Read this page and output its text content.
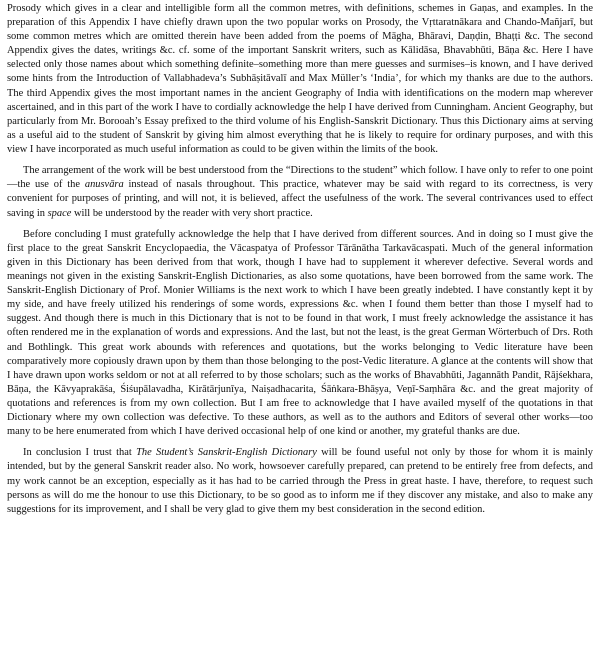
Prosody which gives in a clear and intelligible form all the common metres, with definitions, schemes in Gaṇas, and examples. In the preparation of this Appendix I have chiefly drawn upon the two popular works on Prosody, the Vṛttaratnākara and Chando-Mañjarī, but some common metres which are omitted therein have been added from the poems of Māgha, Bhāravi, Daṇḍin, Bhaṭṭi &c. The second Appendix gives the dates, writings &c. cf. some of the important Sanskrit writers, such as Kālidāsa, Bhavabhūti, Bāṇa &c. Here I have selected only those names about which something definite–something more than mere guesses and surmises–is known, and I have derived some hints from the Introduction of Vallabhadeva’s Subhāṣitāvalī and Max Müller’s ‘India’, for which my thanks are due to the authors. The third Appendix gives the most important names in the ancient Geography of India with identifications on the modern map wherever ascertained, and in this part of the work I have to cordially acknowledge the help I have derived from Cunningham. Ancient Geography, but particularly from Mr. Borooah’s Essay prefixed to the third volume of his English-Sanskrit Dictionary. Thus this Dictionary aims at serving as a useful aid to the student of Sanskrit by giving him almost everything that he is likely to require for ordinary purposes, and with this view I have incorporated as much useful information as could to be given within the limits of the book.

The arrangement of the work will be best understood from the “Directions to the student” which follow. I have only to refer to one point—the use of the anusvāra instead of nasals throughout. This practice, whatever may be said with regard to its correctness, is very convenient for purposes of printing, and will not, it is believed, affect the usefulness of the work. The several contrivances used to effect saving in space will be understood by the reader with very short practice.

Before concluding I must gratefully acknowledge the help that I have derived from different sources. And in doing so I must give the first place to the great Sanskrit Encyclopaedia, the Vācaspatya of Professor Tārānātha Tarkavācaspati. Much of the general information given in this Dictionary has been derived from that work, though I have had to supplement it wherever defective. Several words and meanings not given in the existing Sanskrit-English Dictionaries, as also some quotations, have been borrowed from the same work. The Sanskrit-English Dictionary of Prof. Monier Williams is the next work to which I have been greatly indebted. I have constantly kept it by my side, and have freely utilized his renderings of some words, expressions &c. when I found them better than those I myself had to suggest. And though there is much in this Dictionary that is not to be found in that work, I must freely acknowledge the assistance it has often rendered me in the explanation of words and expressions. And the last, but not the least, is the great German Wörterbuch of Drs. Roth and Bothlingk. This great work abounds with references and quotations, but the works belonging to Vedic literature have been comparatively more copiously drawn upon by them than those belonging to the post-Vedic literature. A glance at the contents will show that I have drawn upon works seldom or not at all referred to by those scholars; such as the works of Bhavabhūti, Jagannāth Pandit, Rājśekhara, Bāṇa, the Kāvyaprakāśa, Śiśupālavadha, Kirātārjunīya, Naiṣadhacarita, Śāṅkara-Bhāṣya, Veṇī-Saṃhāra &c. and the great majority of quotations and references is from my own collection. But I am free to acknowledge that I have availed myself of the quotations in that Dictionary where my own collection was defective. To these authors, as well as to the authors and Editors of several other works—too many to be here enumerated from which I have derived occasional help of one kind or another, my grateful thanks are due.

In conclusion I trust that The Student’s Sanskrit-English Dictionary will be found useful not only by those for whom it is mainly intended, but by the general Sanskrit reader also. No work, howsoever carefully prepared, can pretend to be entirely free from defects, and my work cannot be an exception, especially as it has had to be carried through the Press in great haste. I have, therefore, to request such persons as will do me the honour to use this Dictionary, to be so good as to inform me if they discover any mistake, and also to make any suggestions for its improvement, and I shall be very glad to give them my best consideration in the second edition.
